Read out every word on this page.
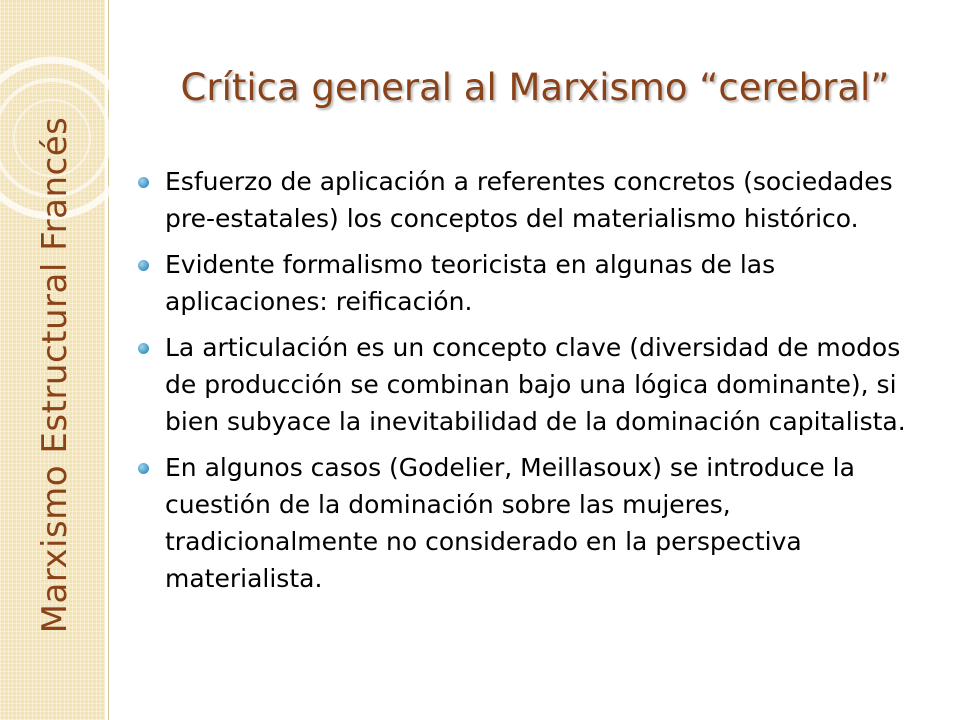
Marxismo Estructural Francés
Crítica general al Marxismo “cerebral”
Esfuerzo de aplicación a referentes concretos (sociedades pre-estatales) los conceptos del materialismo histórico.
Evidente formalismo teoricista en algunas de las aplicaciones: reificación.
La articulación es un concepto clave (diversidad de modos de producción se combinan bajo una lógica dominante), si bien subyace la inevitabilidad de la dominación capitalista.
En algunos casos (Godelier, Meillasoux) se introduce la cuestión de la dominación sobre las mujeres, tradicionalmente no considerado en la perspectiva materialista.
